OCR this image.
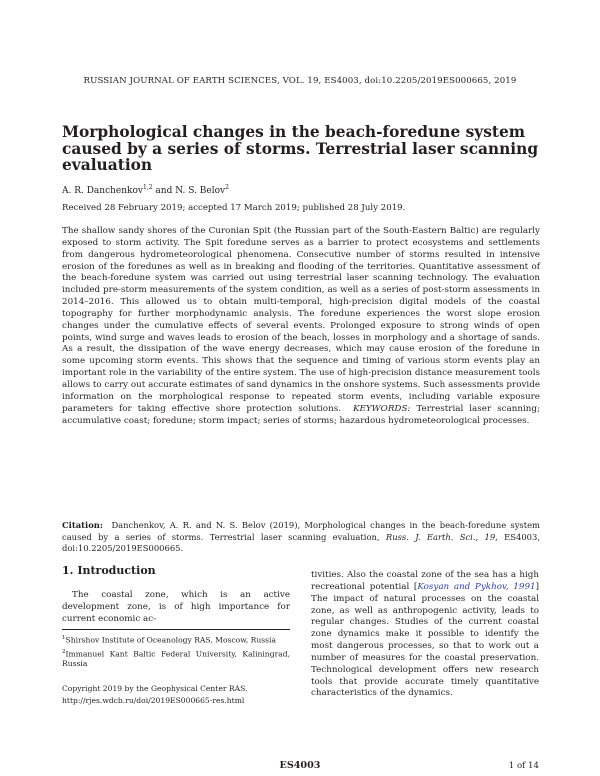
RUSSIAN JOURNAL OF EARTH SCIENCES, VOL. 19, ES4003, doi:10.2205/2019ES000665, 2019
Morphological changes in the beach-foredune system caused by a series of storms. Terrestrial laser scanning evaluation
A. R. Danchenkov$^{1,2}$ and N. S. Belov$^2$
Received 28 February 2019; accepted 17 March 2019; published 28 July 2019.

The shallow sandy shores of the Curonian Spit (the Russian part of the South-Eastern Baltic) are regularly exposed to storm activity. The Spit foredune serves as a barrier to protect ecosystems and settlements from dangerous hydrometeorological phenomena. Consecutive number of storms resulted in intensive erosion of the foredunes as well as in breaking and flooding of the territories. Quantitative assessment of the beach-foredune system was carried out using terrestrial laser scanning technology. The evaluation included pre-storm measurements of the system condition, as well as a series of post-storm assessments in 2014–2016. This allowed us to obtain multi-temporal, high-precision digital models of the coastal topography for further morphodynamic analysis. The foredune experiences the worst slope erosion changes under the cumulative effects of several events. Prolonged exposure to strong winds of open points, wind surge and waves leads to erosion of the beach, losses in morphology and a shortage of sands. As a result, the dissipation of the wave energy decreases, which may cause erosion of the foredune in some upcoming storm events. This shows that the sequence and timing of various storm events play an important role in the variability of the entire system. The use of high-precision distance measurement tools allows to carry out accurate estimates of sand dynamics in the onshore systems. Such assessments provide information on the morphological response to repeated storm events, including variable exposure parameters for taking effective shore protection solutions. KEYWORDS: Terrestrial laser scanning; accumulative coast; foredune; storm impact; series of storms; hazardous hydrometeorological processes.

Citation: Danchenkov, A. R. and N. S. Belov (2019), Morphological changes in the beach-foredune system caused by a series of storms. Terrestrial laser scanning evaluation, Russ. J. Earth. Sci., 19, ES4003, doi:10.2205/2019ES000665.
1. Introduction

The coastal zone, which is an active development zone, is of high importance for current economic ac-

$^1$Shirshov Institute of Oceanology RAS, Moscow, Russia

$^2$Immanuel Kant Baltic Federal University, Kaliningrad, Russia

Copyright 2019 by the Geophysical Center RAS.
http://rjes.wdcb.ru/doi/2019ES000665-res.html

tivities. Also the coastal zone of the sea has a high recreational potential [Kosyan and Pykhov, 1991] The impact of natural processes on the coastal zone, as well as anthropogenic activity, leads to regular changes. Studies of the current coastal zone dynamics make it possible to identify the most dangerous processes, so that to work out a number of measures for the coastal preservation. Technological development offers new research tools that provide accurate timely quantitative characteristics of the dynamics.

ES4003	1 of 14
